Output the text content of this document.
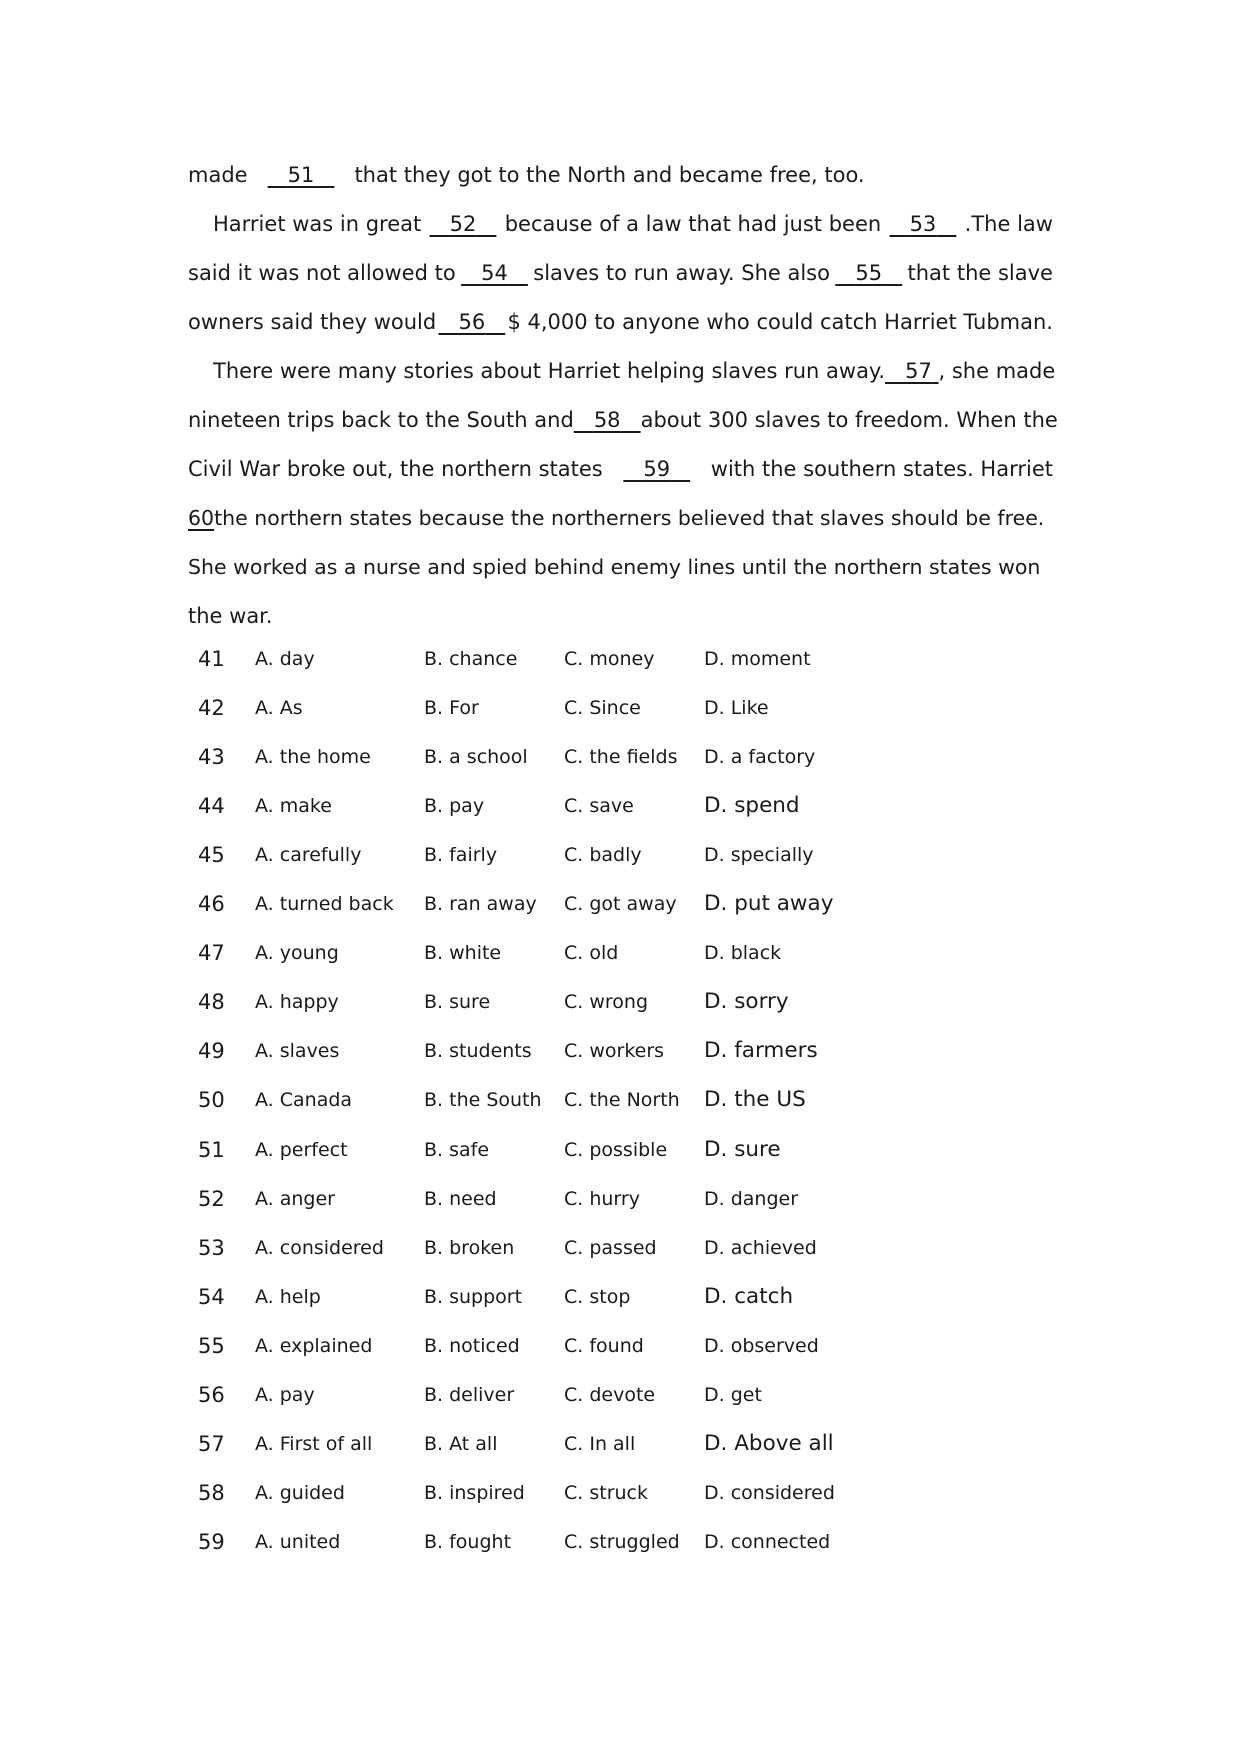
made 51 that they got to the North and became free, too.
Harriet was in great	52	because of a law that had just been	53	.The law
said it was not allowed to	54	slaves to run away. She also	55	that the slave
owners said they would	56	$ 4,000 to anyone who could catch Harriet Tubman.
There were many stories about Harriet helping slaves run away. 57 , she made
nineteen trips back to the South and 58 about 300 slaves to freedom. When the
Civil War broke out, the northern states	59	with the southern states. Harriet
60the northern states because the northerners believed that slaves should be free.
She worked as a nurse and spied behind enemy lines until the northern states won
the war.
41 A. day	B. chance C. money	D. moment
42 A. As	B. For	C. Since	D. Like
43 A. the home	B. a school C. the fields D. a factory
44 A. make	B. pay	C. save	D. spend
45 A. carefully	B. fairly	C. badly	D. specially
46 A. turned back B. ran away C. got away D. put away
47 A. young	B. white	C. old	D. black
48 A. happy	B. sure	C. wrong	D. sorry
49 A. slaves	B. students C. workers D. farmers
50 A. Canada	B. the South C. the North D. the US
51 A. perfect	B. safe	C. possible D. sure
52 A. anger	B. need	C. hurry	D. danger
53 A. considered B. broken	C. passed D. achieved
54 A. help	B. support C. stop	D. catch
55 A. explained	B. noticed C. found	D. observed
56 A. pay	B. deliver	C. devote	D. get
57 A. First of all	B. At all	C. In all	D. Above all
58 A. guided	B. inspired C. struck	D. considered
59 A. united	B. fought	C. struggled D. connected
